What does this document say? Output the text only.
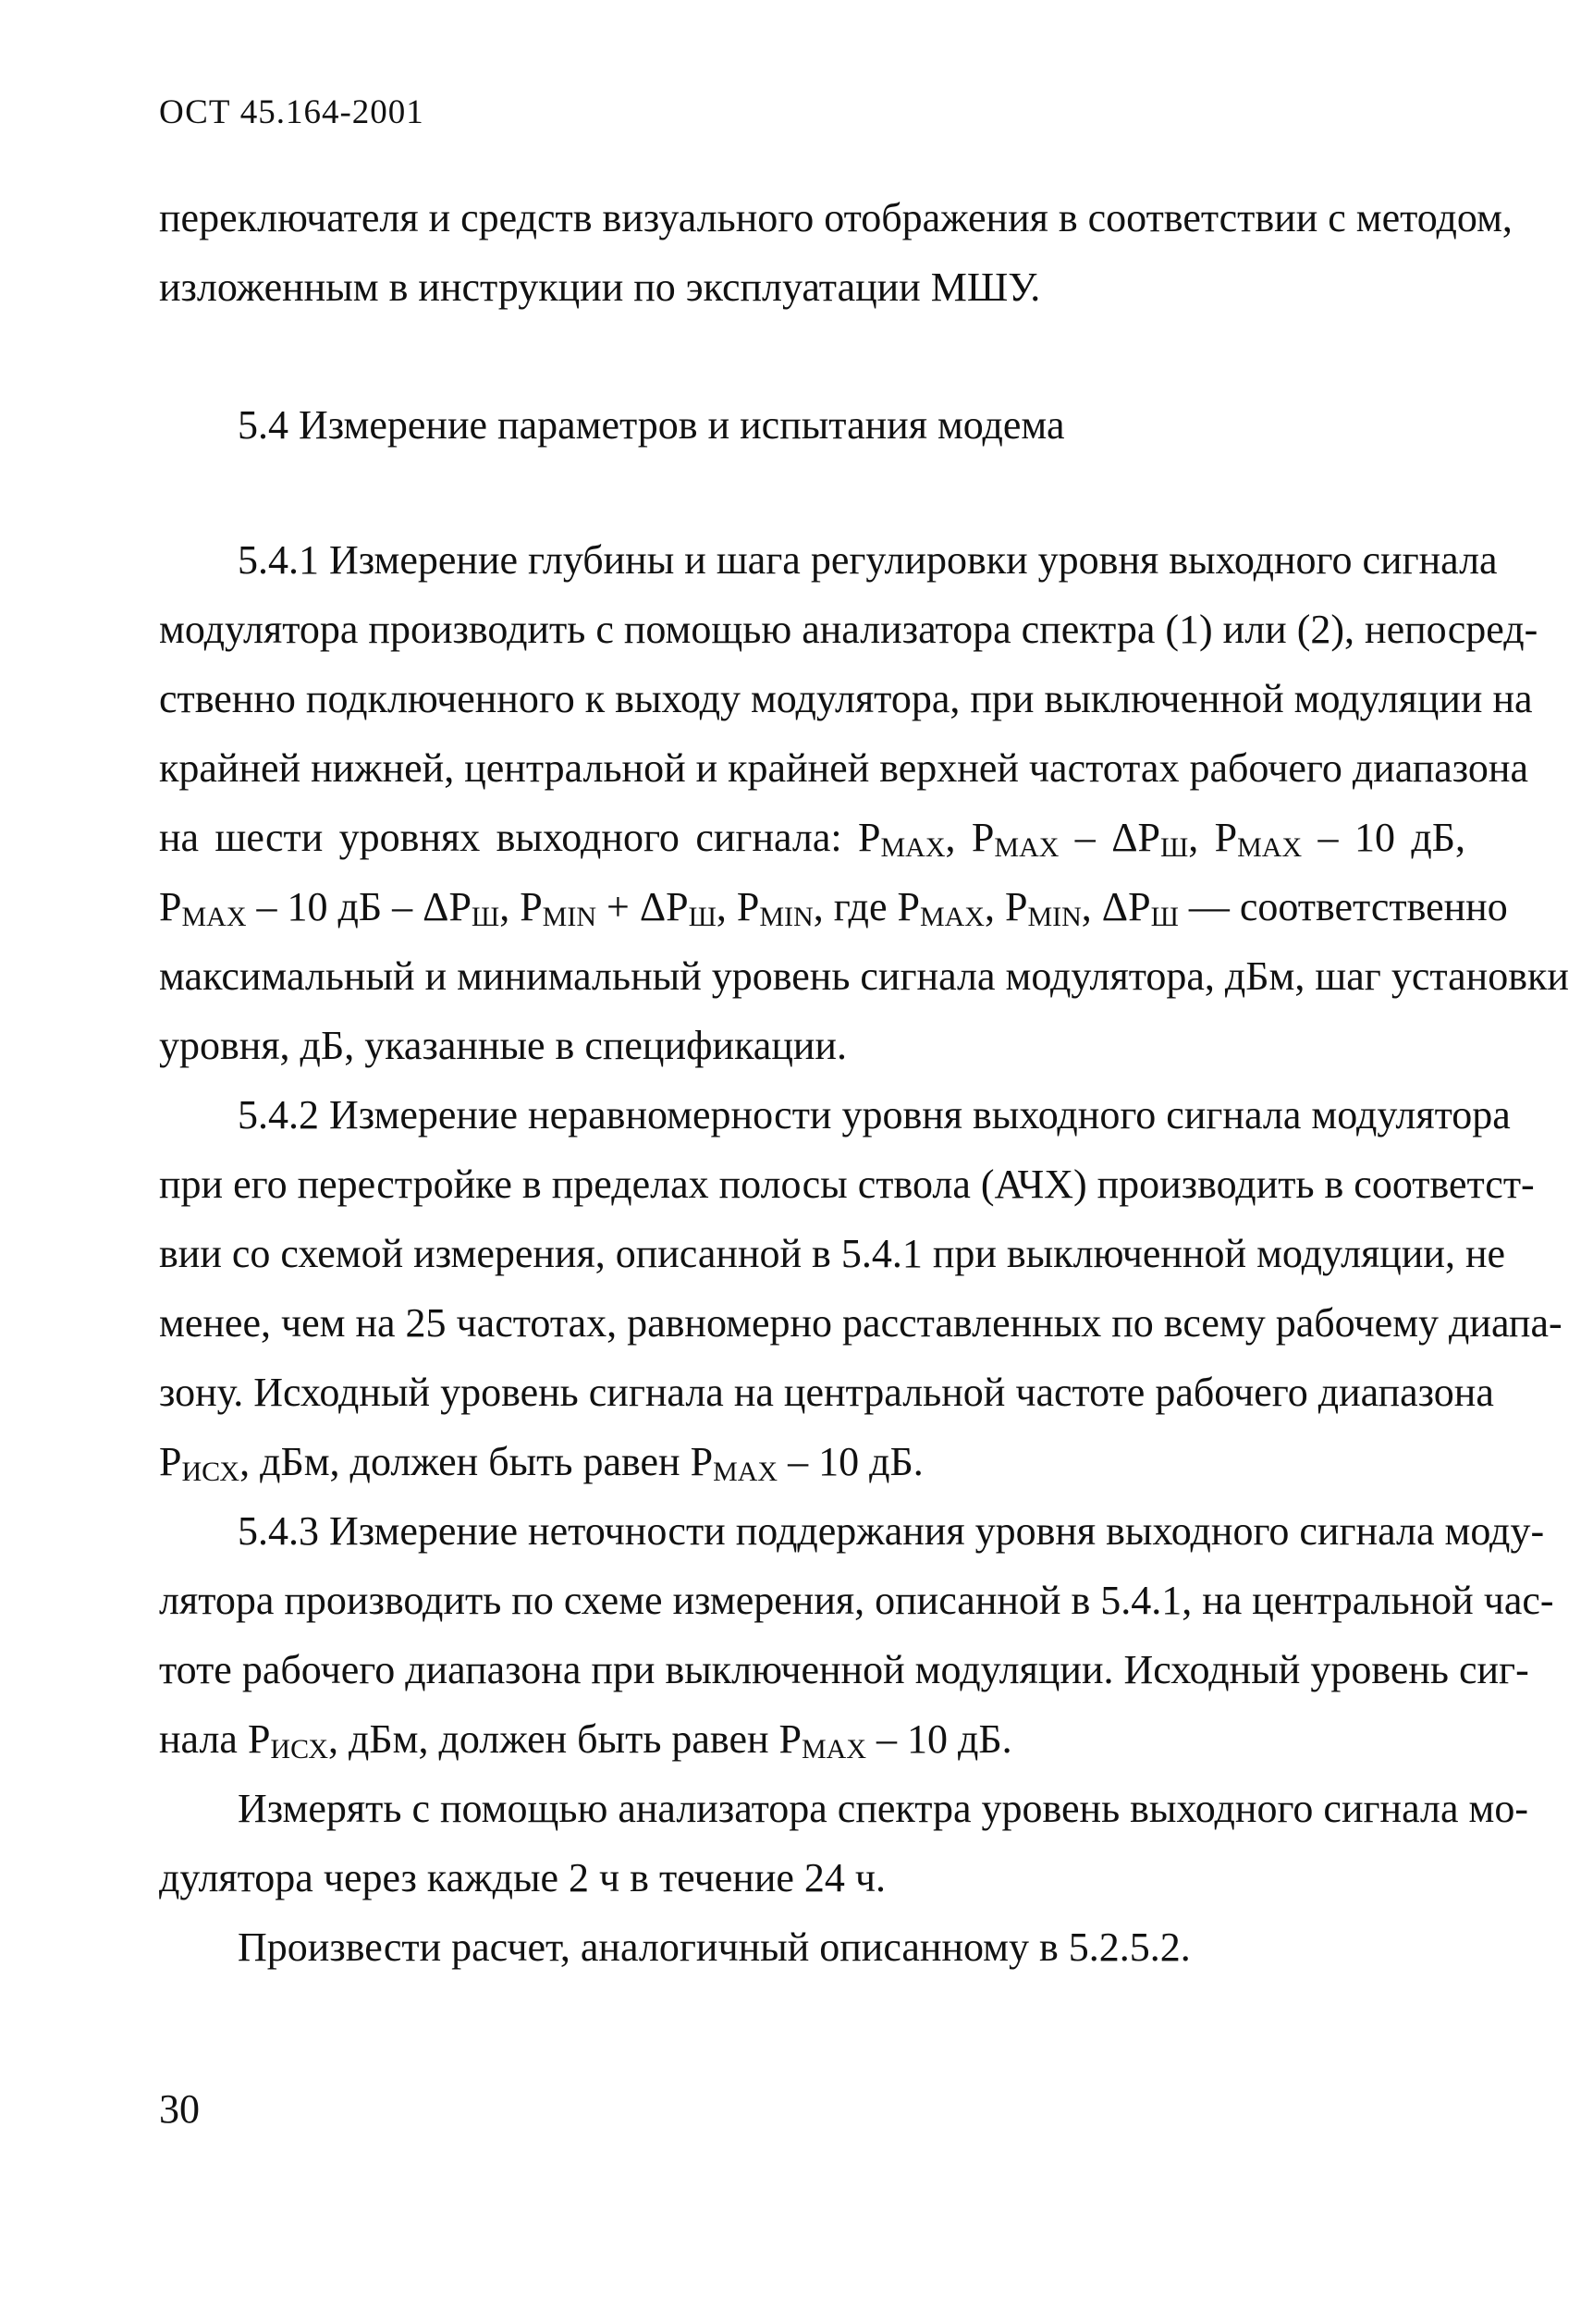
ОСТ 45.164-2001
переключателя и средств визуального отображения в соответствии с методом,
изложенным в инструкции по эксплуатации МШУ.
5.4 Измерение параметров и испытания модема
5.4.1 Измерение глубины и шага регулировки уровня выходного сигнала
модулятора производить с помощью анализатора спектра (1) или (2), непосред-
ственно подключенного к выходу модулятора, при выключенной модуляции на
крайней нижней, центральной и крайней верхней частотах рабочего диапазона
на шести уровнях выходного сигнала: $P_{MAX}$, $P_{MAX} - \Delta P_Ш$, $P_{MAX} - 10$ дБ,
$P_{MAX} - 10$ дБ – $\Delta P_Ш$, $P_{MIN} + \Delta P_Ш$, $P_{MIN}$, где $P_{MAX}$, $P_{MIN}$, $\Delta P_Ш$ — соответственно
максимальный и минимальный уровень сигнала модулятора, дБм, шаг установки
уровня, дБ, указанные в спецификации.
5.4.2 Измерение неравномерности уровня выходного сигнала модулятора
при его перестройке в пределах полосы ствола (АЧХ) производить в соответст-
вии со схемой измерения, описанной в 5.4.1 при выключенной модуляции, не
менее, чем на 25 частотах, равномерно расставленных по всему рабочему диапа-
зону. Исходный уровень сигнала на центральной частоте рабочего диапазона
$P_{ИСХ}$, дБм, должен быть равен $P_{MAX} - 10$ дБ.
5.4.3 Измерение неточности поддержания уровня выходного сигнала моду-
лятора производить по схеме измерения, описанной в 5.4.1, на центральной час-
тоте рабочего диапазона при выключенной модуляции. Исходный уровень сиг-
нала $P_{ИСХ}$, дБм, должен быть равен $P_{MAX} - 10$ дБ.
Измерять с помощью анализатора спектра уровень выходного сигнала мо-
дулятора через каждые 2 ч в течение 24 ч.
Произвести расчет, аналогичный описанному в 5.2.5.2.
30
